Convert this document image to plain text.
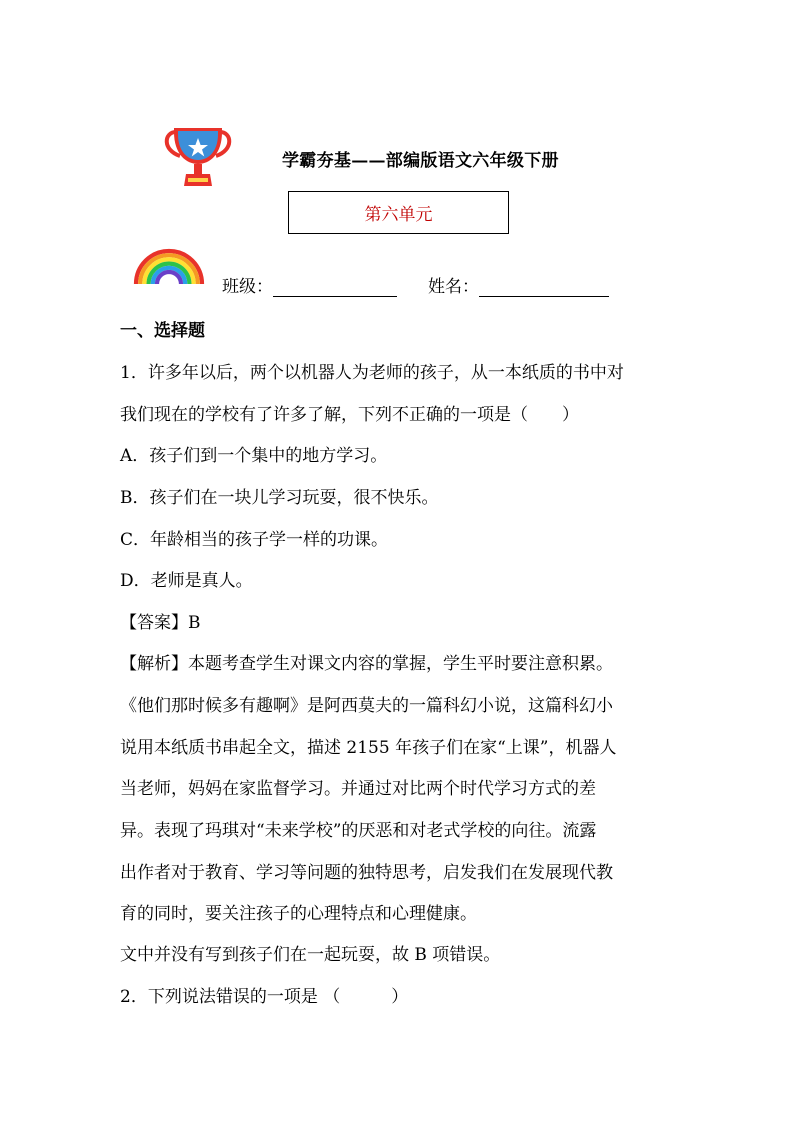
学霸夯基——部编版语文六年级下册
第六单元
班级：	姓名：
一、选择题
1．许多年以后，两个以机器人为老师的孩子，从一本纸质的书中对
我们现在的学校有了许多了解，下列不正确的一项是（　　）
A．孩子们到一个集中的地方学习。
B．孩子们在一块儿学习玩耍，很不快乐。
C．年龄相当的孩子学一样的功课。
D．老师是真人。
【答案】B
【解析】本题考查学生对课文内容的掌握，学生平时要注意积累。
《他们那时候多有趣啊》是阿西莫夫的一篇科幻小说，这篇科幻小
说用本纸质书串起全文，描述 2155 年孩子们在家“上课”，机器人
当老师，妈妈在家监督学习。并通过对比两个时代学习方式的差
异。表现了玛琪对“未来学校”的厌恶和对老式学校的向往。流露
出作者对于教育、学习等问题的独特思考，启发我们在发展现代教
育的同时，要关注孩子的心理特点和心理健康。
文中并没有写到孩子们在一起玩耍，故 B 项错误。
2．下列说法错误的一项是 （　　　）
